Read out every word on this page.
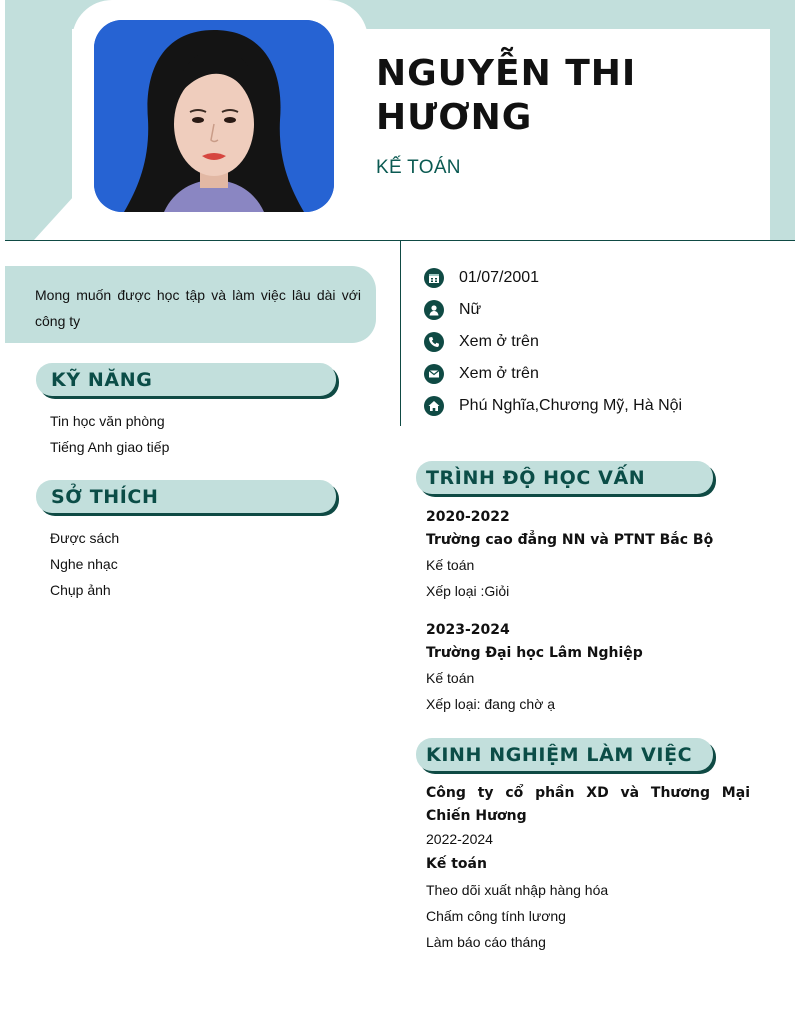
NGUYỄN THI HƯƠNG
KẾ TOÁN

Mong muốn được học tập và làm việc lâu dài với công ty

01/07/2001
Nữ
Xem ở trên
Xem ở trên
Phú Nghĩa,Chương Mỹ, Hà Nội
KỸ NĂNG
Tin học văn phòng
Tiếng Anh giao tiếp
SỞ THÍCH
Được sách
Nghe nhạc
Chụp ảnh
TRÌNH ĐỘ HỌC VẤN
2020-2022
Trường cao đẳng NN và PTNT Bắc Bộ
Kế toán
Xếp loại :Giỏi
2023-2024
Trường Đại học Lâm Nghiệp
Kế toán
Xếp loại: đang chờ ạ
KINH NGHIỆM LÀM VIỆC
Công ty cổ phần XD và Thương Mại Chiến Hương
2022-2024
Kế toán
Theo dõi xuất nhập hàng hóa
Chấm công tính lương
Làm báo cáo tháng
